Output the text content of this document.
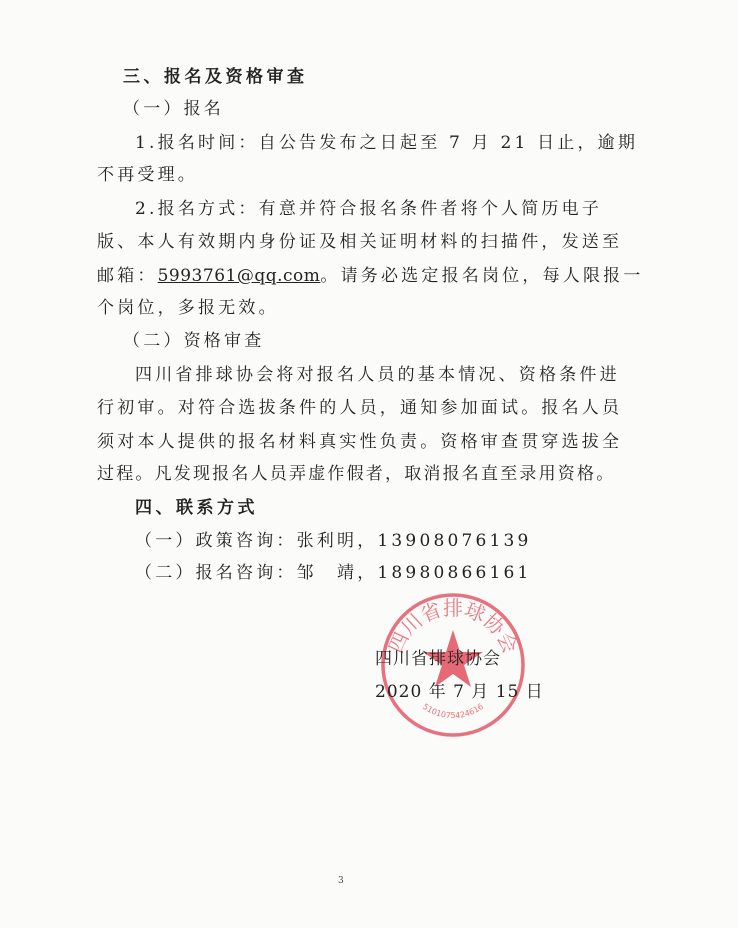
三、报名及资格审查
（一）报名
1.报名时间：自公告发布之日起至 7 月 21 日止，逾期
不再受理。
2.报名方式：有意并符合报名条件者将个人简历电子
版、本人有效期内身份证及相关证明材料的扫描件，发送至
邮箱：5993761@qq.com。请务必选定报名岗位，每人限报一
个岗位，多报无效。
（二）资格审查
四川省排球协会将对报名人员的基本情况、资格条件进
行初审。对符合选拔条件的人员，通知参加面试。报名人员
须对本人提供的报名材料真实性负责。资格审查贯穿选拔全
过程。凡发现报名人员弄虚作假者，取消报名直至录用资格。
四、联系方式
（一）政策咨询：张利明，13908076139
（二）报名咨询：邹　靖，18980866161
四川省排球协会
5101075424616
四川省排球协会
2020 年 7 月 15 日
3
